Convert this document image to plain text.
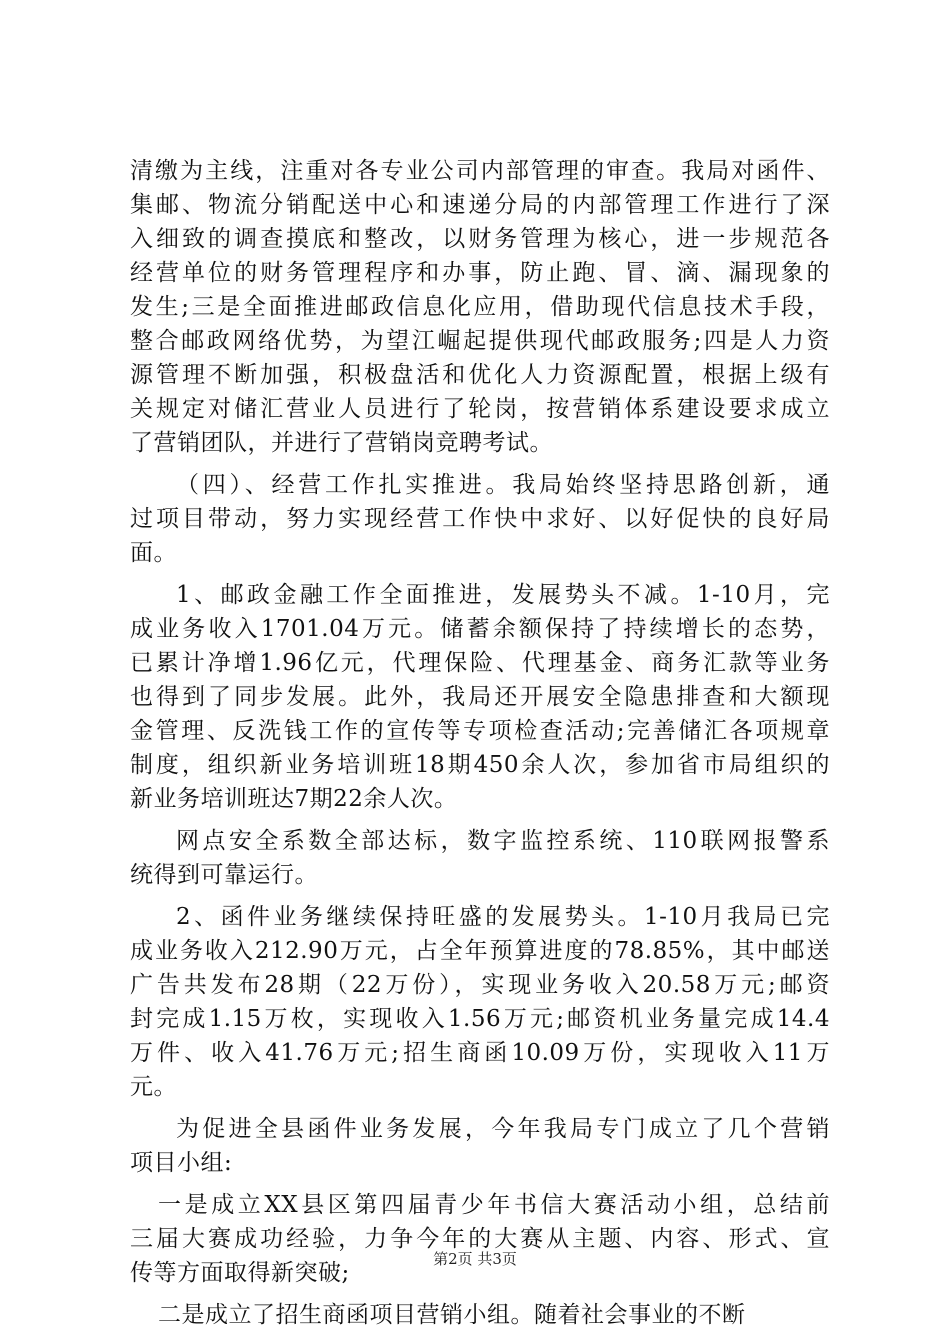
清缴为主线，注重对各专业公司内部管理的审查。我局对函件、
集邮、物流分销配送中心和速递分局的内部管理工作进行了深
入细致的调查摸底和整改，以财务管理为核心，进一步规范各
经营单位的财务管理程序和办事，防止跑、冒、滴、漏现象的
发生;三是全面推进邮政信息化应用，借助现代信息技术手段，
整合邮政网络优势，为望江崛起提供现代邮政服务;四是人力资
源管理不断加强，积极盘活和优化人力资源配置，根据上级有
关规定对储汇营业人员进行了轮岗，按营销体系建设要求成立
了营销团队，并进行了营销岗竞聘考试。
（四）、经营工作扎实推进。我局始终坚持思路创新，通
过项目带动，努力实现经营工作快中求好、以好促快的良好局
面。
1、邮政金融工作全面推进，发展势头不减。1-10月，完
成业务收入1701.04万元。储蓄余额保持了持续增长的态势，
已累计净增1.96亿元，代理保险、代理基金、商务汇款等业务
也得到了同步发展。此外，我局还开展安全隐患排查和大额现
金管理、反洗钱工作的宣传等专项检查活动;完善储汇各项规章
制度，组织新业务培训班18期450余人次，参加省市局组织的
新业务培训班达7期22余人次。
网点安全系数全部达标，数字监控系统、110联网报警系
统得到可靠运行。
2、函件业务继续保持旺盛的发展势头。1-10月我局已完
成业务收入212.90万元，占全年预算进度的78.85%，其中邮送
广告共发布28期（22万份），实现业务收入20.58万元;邮资
封完成1.15万枚，实现收入1.56万元;邮资机业务量完成14.4
万件、收入41.76万元;招生商函10.09万份，实现收入11万
元。
为促进全县函件业务发展，今年我局专门成立了几个营销
项目小组:
一是成立XX县区第四届青少年书信大赛活动小组，总结前
三届大赛成功经验，力争今年的大赛从主题、内容、形式、宣
传等方面取得新突破;
二是成立了招生商函项目营销小组。随着社会事业的不断
第2页 共3页
